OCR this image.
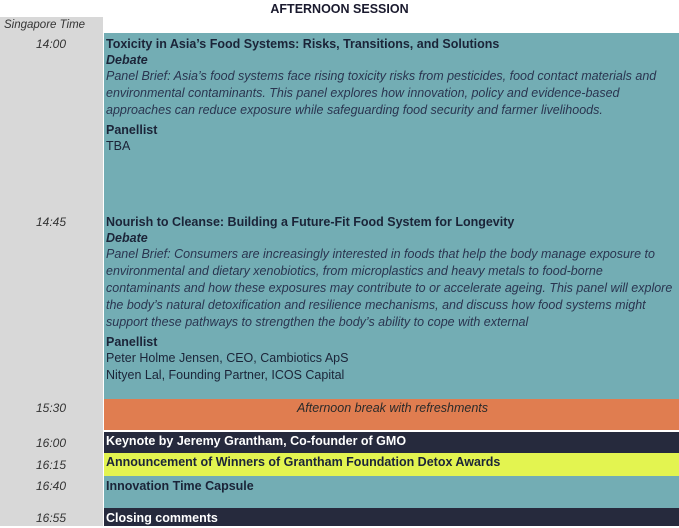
AFTERNOON SESSION
Singapore Time
14:00
14:45
15:30
16:00
16:15
16:40
16:55
Toxicity in Asia’s Food Systems: Risks, Transitions, and Solutions
Debate
Panel Brief: Asia’s food systems face rising toxicity risks from pesticides, food contact materials and environmental contaminants. This panel explores how innovation, policy and evidence-based approaches can reduce exposure while safeguarding food security and farmer livelihoods.
Panellist
TBA
Nourish to Cleanse: Building a Future-Fit Food System for Longevity
Debate
Panel Brief: Consumers are increasingly interested in foods that help the body manage exposure to environmental and dietary xenobiotics, from microplastics and heavy metals to food-borne contaminants and how these exposures may contribute to or accelerate ageing. This panel will explore the body’s natural detoxification and resilience mechanisms, and discuss how food systems might support these pathways to strengthen the body’s ability to cope with external
Panellist
Peter Holme Jensen, CEO, Cambiotics ApS
Nityen Lal, Founding Partner, ICOS Capital
Afternoon break with refreshments
Keynote by Jeremy Grantham, Co-founder of GMO
Announcement of Winners of Grantham Foundation Detox Awards
Innovation Time Capsule
Closing comments
